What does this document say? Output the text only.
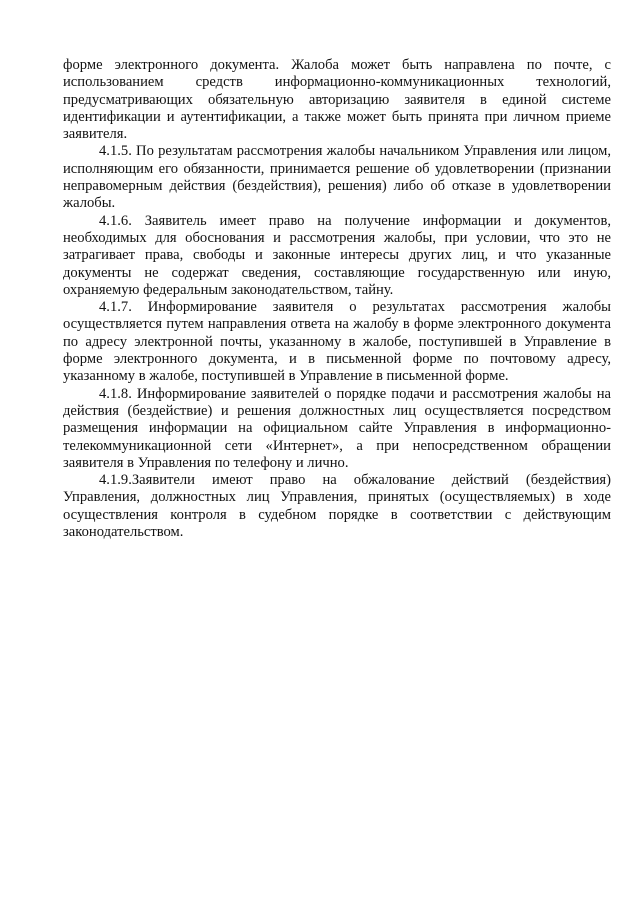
форме электронного документа. Жалоба может быть направлена по почте, с использованием средств информационно-коммуникационных технологий, предусматривающих обязательную авторизацию заявителя в единой системе идентификации и аутентификации, а также может быть принята при личном приеме заявителя.

4.1.5. По результатам рассмотрения жалобы начальником Управления или лицом, исполняющим его обязанности, принимается решение об удовлетворении (признании неправомерным действия (бездействия), решения) либо об отказе в удовлетворении жалобы.

4.1.6. Заявитель имеет право на получение информации и документов, необходимых для обоснования и рассмотрения жалобы, при условии, что это не затрагивает права, свободы и законные интересы других лиц, и что указанные документы не содержат сведения, составляющие государственную или иную, охраняемую федеральным законодательством, тайну.

4.1.7. Информирование заявителя о результатах рассмотрения жалобы осуществляется путем направления ответа на жалобу в форме электронного документа по адресу электронной почты, указанному в жалобе, поступившей в Управление в форме электронного документа, и в письменной форме по почтовому адресу, указанному в жалобе, поступившей в Управление в письменной форме.

4.1.8. Информирование заявителей о порядке подачи и рассмотрения жалобы на действия (бездействие) и решения должностных лиц осуществляется посредством размещения информации на официальном сайте Управления в информационно-телекоммуникационной сети «Интернет», а при непосредственном обращении заявителя в Управления по телефону и лично.

4.1.9.Заявители имеют право на обжалование действий (бездействия) Управления, должностных лиц Управления, принятых (осуществляемых) в ходе осуществления контроля в судебном порядке в соответствии с действующим законодательством.
